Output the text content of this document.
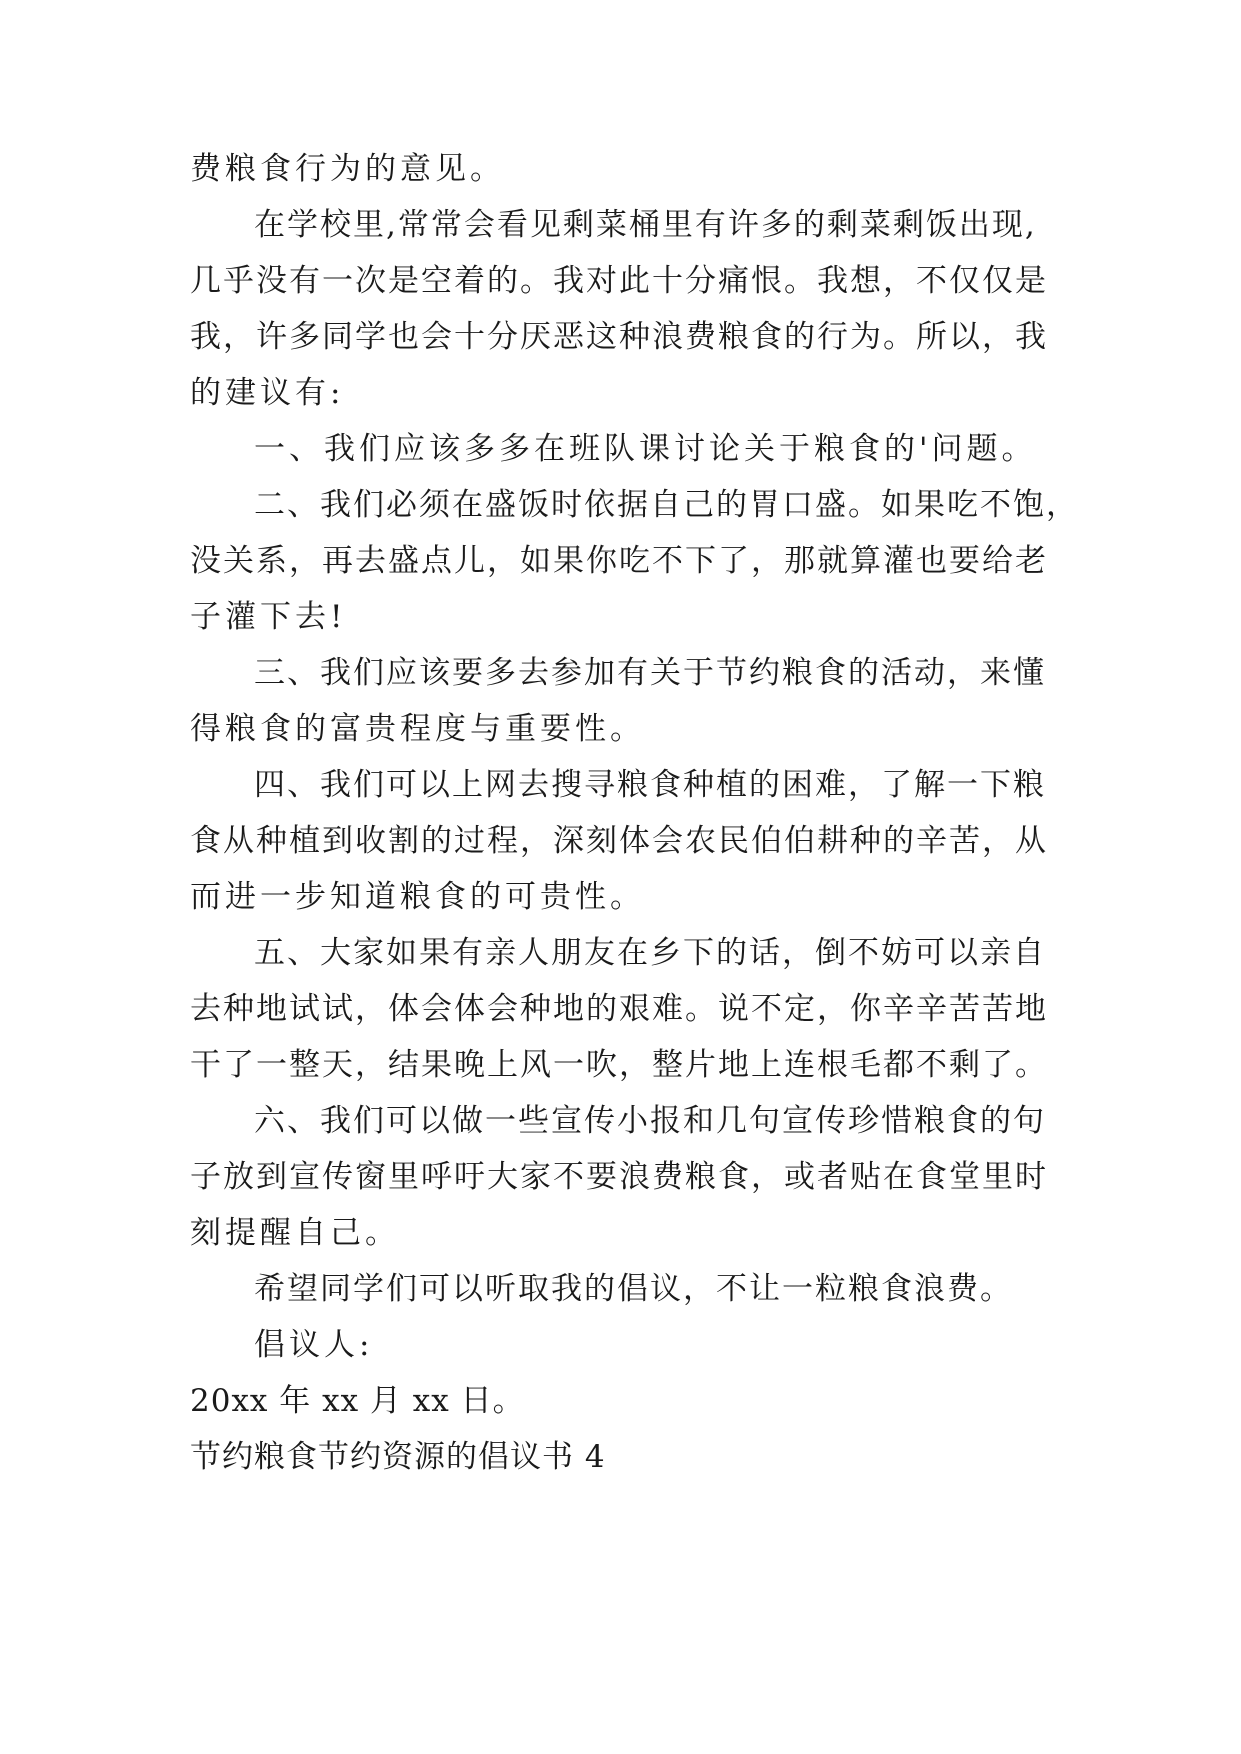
费粮食行为的意见。
在学校里,常常会看见剩菜桶里有许多的剩菜剩饭出现,
几乎没有一次是空着的。我对此十分痛恨。我想，不仅仅是
我，许多同学也会十分厌恶这种浪费粮食的行为。所以，我
的建议有:
一、我们应该多多在班队课讨论关于粮食的'问题。
二、我们必须在盛饭时依据自己的胃口盛。如果吃不饱，
没关系，再去盛点儿，如果你吃不下了，那就算灌也要给老
子灌下去!
三、我们应该要多去参加有关于节约粮食的活动，来懂
得粮食的富贵程度与重要性。
四、我们可以上网去搜寻粮食种植的困难，了解一下粮
食从种植到收割的过程，深刻体会农民伯伯耕种的辛苦，从
而进一步知道粮食的可贵性。
五、大家如果有亲人朋友在乡下的话，倒不妨可以亲自
去种地试试，体会体会种地的艰难。说不定，你辛辛苦苦地
干了一整天，结果晚上风一吹，整片地上连根毛都不剩了。
六、我们可以做一些宣传小报和几句宣传珍惜粮食的句
子放到宣传窗里呼吁大家不要浪费粮食，或者贴在食堂里时
刻提醒自己。
希望同学们可以听取我的倡议，不让一粒粮食浪费。
倡议人:
20xx 年 xx 月 xx 日。
节约粮食节约资源的倡议书 4
